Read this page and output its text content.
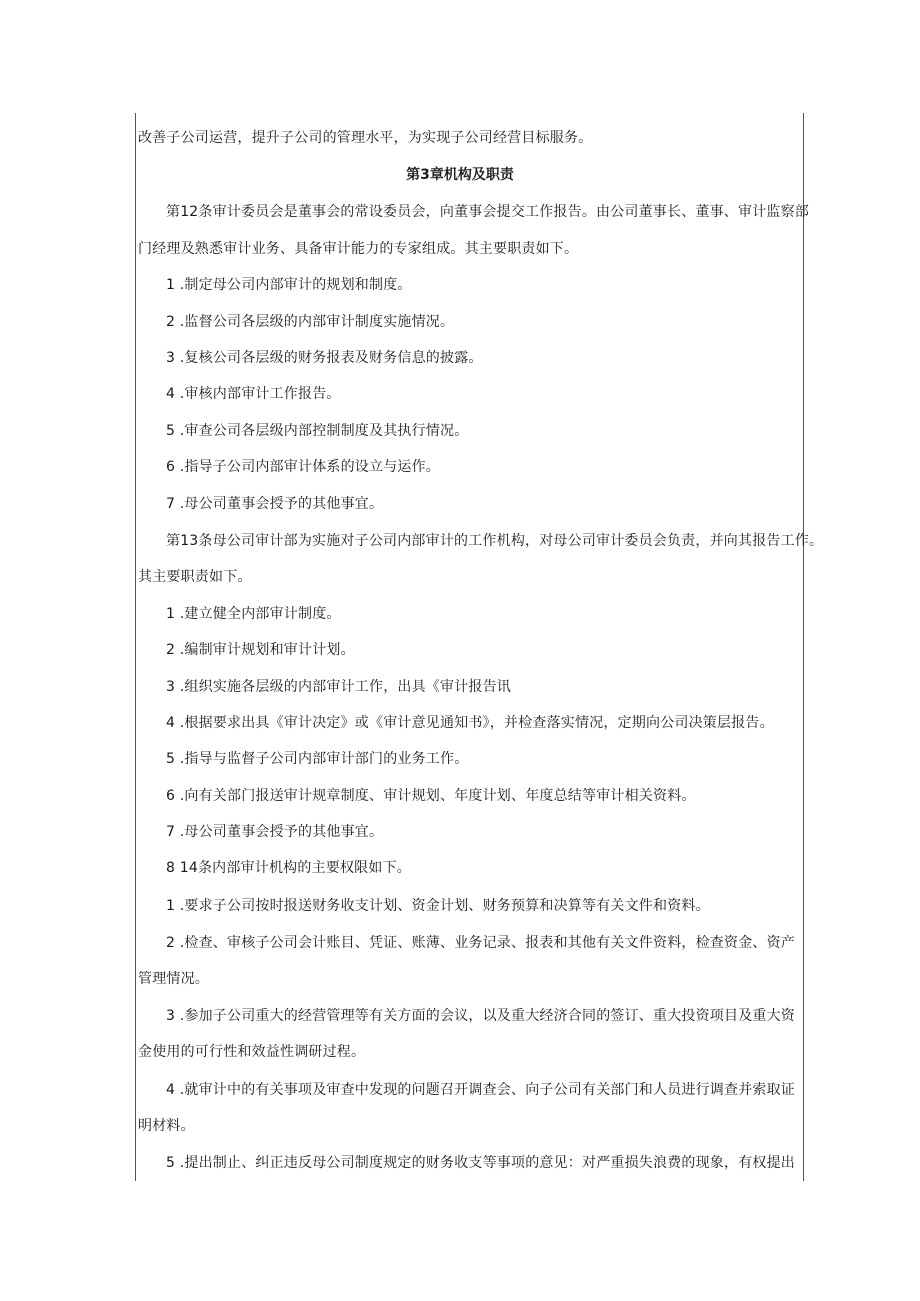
改善子公司运营，提升子公司的管理水平，为实现子公司经营目标服务。
第3章机构及职责
第12条审计委员会是董事会的常设委员会，向董事会提交工作报告。由公司董事长、董事、审计监察部
门经理及熟悉审计业务、具备审计能力的专家组成。其主要职责如下。
1 .制定母公司内部审计的规划和制度。
2 .监督公司各层级的内部审计制度实施情况。
3 .复核公司各层级的财务报表及财务信息的披露。
4 .审核内部审计工作报告。
5 .审查公司各层级内部控制制度及其执行情况。
6 .指导子公司内部审计体系的设立与运作。
7 .母公司董事会授予的其他事宜。
第13条母公司审计部为实施对子公司内部审计的工作机构，对母公司审计委员会负责，并向其报告工作。
其主要职责如下。
1 .建立健全内部审计制度。
2 .编制审计规划和审计计划。
3 .组织实施各层级的内部审计工作，出具《审计报告讯
4 .根据要求出具《审计决定》或《审计意见通知书》，并检查落实情况，定期向公司决策层报告。
5 .指导与监督子公司内部审计部门的业务工作。
6 .向有关部门报送审计规章制度、审计规划、年度计划、年度总结等审计相关资料。
7 .母公司董事会授予的其他事宜。
8 14条内部审计机构的主要权限如下。
1 .要求子公司按时报送财务收支计划、资金计划、财务预算和决算等有关文件和资料。
2 .检查、审核子公司会计账目、凭证、账薄、业务记录、报表和其他有关文件资料，检查资金、资产
管理情况。
3 .参加子公司重大的经营管理等有关方面的会议，以及重大经济合同的签订、重大投资项目及重大资
金使用的可行性和效益性调研过程。
4 .就审计中的有关事项及审查中发现的问题召开调查会、向子公司有关部门和人员进行调查并索取证
明材料。
5 .提出制止、纠正违反母公司制度规定的财务收支等事项的意见：对严重损失浪费的现象，有权提出
